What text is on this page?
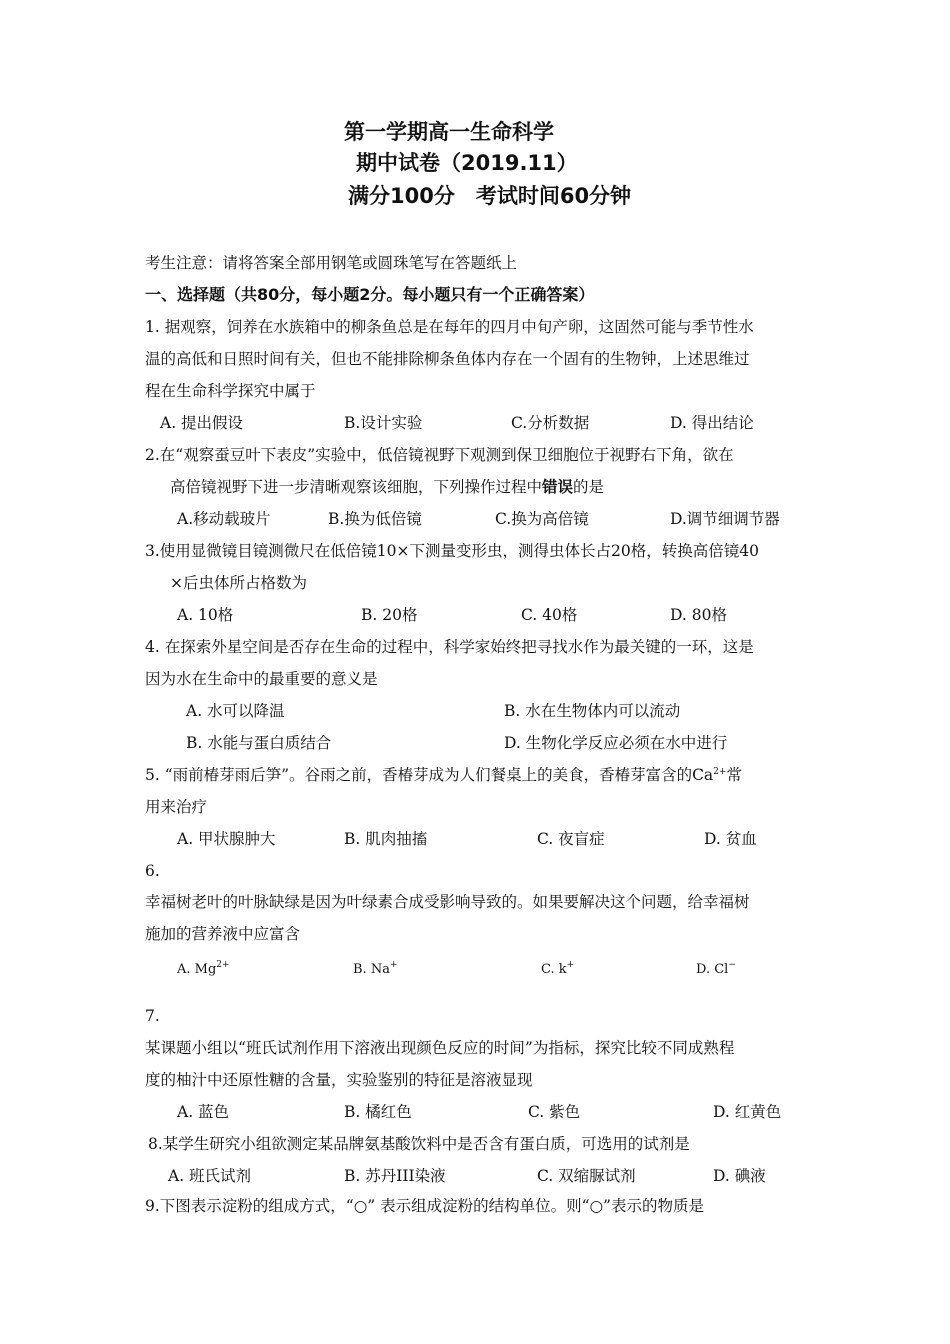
第一学期高一生命科学
期中试卷（2019.11）
满分100分　考试时间60分钟
考生注意：请将答案全部用钢笔或圆珠笔写在答题纸上
一、选择题（共80分，每小题2分。每小题只有一个正确答案）
1. 据观察，饲养在水族箱中的柳条鱼总是在每年的四月中旬产卵，这固然可能与季节性水
温的高低和日照时间有关，但也不能排除柳条鱼体内存在一个固有的生物钟，上述思维过
程在生命科学探究中属于
A. 提出假设	B.设计实验	C.分析数据	D. 得出结论
2.在“观察蚕豆叶下表皮”实验中，低倍镜视野下观测到保卫细胞位于视野右下角，欲在
高倍镜视野下进一步清晰观察该细胞，下列操作过程中错误的是
A.移动载玻片	B.换为低倍镜	C.换为高倍镜	D.调节细调节器
3.使用显微镜目镜测微尺在低倍镜10×下测量变形虫，测得虫体长占20格，转换高倍镜40
×后虫体所占格数为
A. 10格	B. 20格	C. 40格	D. 80格
4. 在探索外星空间是否存在生命的过程中，科学家始终把寻找水作为最关键的一环，这是
因为水在生命中的最重要的意义是
A. 水可以降温	B. 水在生物体内可以流动
B. 水能与蛋白质结合	D. 生物化学反应必须在水中进行
5. “雨前椿芽雨后笋”。谷雨之前，香椿芽成为人们餐桌上的美食，香椿芽富含的$Ca^{2+}$常
用来治疗
A. 甲状腺肿大	B. 肌肉抽搐	C. 夜盲症	D. 贫血
6.
幸福树老叶的叶脉缺绿是因为叶绿素合成受影响导致的。如果要解决这个问题，给幸福树
施加的营养液中应富含
A. $Mg^{2+}$	B. Na+	C. k+	D. Cl−
7.
某课题小组以“班氏试剂作用下溶液出现颜色反应的时间”为指标，探究比较不同成熟程
度的柚汁中还原性糖的含量，实验鉴别的特征是溶液显现
A. 蓝色	B. 橘红色	C. 紫色	D. 红黄色
8.某学生研究小组欲测定某品牌氨基酸饮料中是否含有蛋白质，可选用的试剂是
A. 班氏试剂	B. 苏丹III染液	C. 双缩脲试剂	D. 碘液
9.下图表示淀粉的组成方式，“○” 表示组成淀粉的结构单位。则“○”表示的物质是
